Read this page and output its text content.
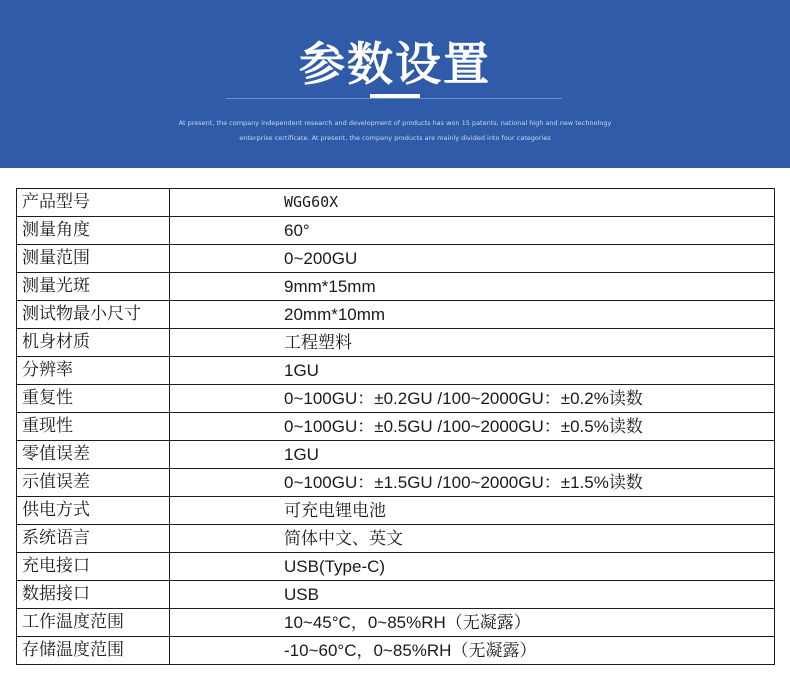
参数设置
At present, the company independent research and development of products has won 15 patents, national high and new technology
enterprise certificate. At present, the company products are mainly divided into four categories
产品型号	WGG60X
测量角度	60°
测量范围	0~200GU
测量光斑	9mm*15mm
测试物最小尺寸	20mm*10mm
机身材质	工程塑料
分辨率	1GU
重复性	0~100GU：±0.2GU /100~2000GU：±0.2%读数
重现性	0~100GU：±0.5GU /100~2000GU：±0.5%读数
零值误差	1GU
示值误差	0~100GU：±1.5GU /100~2000GU：±1.5%读数
供电方式	可充电锂电池
系统语言	简体中文、英文
充电接口	USB(Type-C)
数据接口	USB
工作温度范围	10~45°C，0~85%RH（无凝露）
存储温度范围	-10~60°C，0~85%RH（无凝露）
